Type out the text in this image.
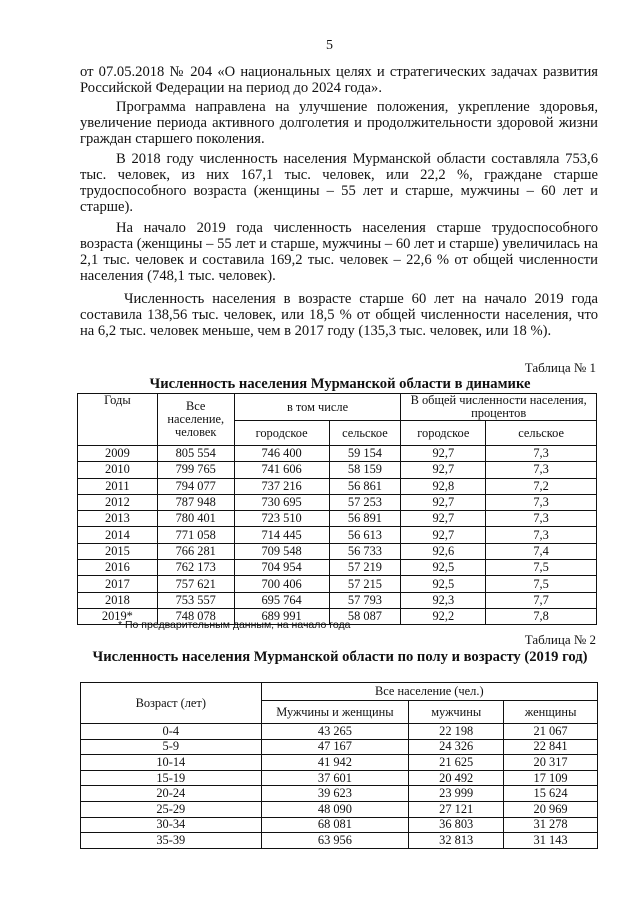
5

от 07.05.2018 № 204 «О национальных целях и стратегических задачах развития Российской Федерации на период до 2024 года».

Программа направлена на улучшение положения, укрепление здоровья, увеличение периода активного долголетия и продолжительности здоровой жизни граждан старшего поколения.

В 2018 году численность населения Мурманской области составляла 753,6 тыс. человек, из них 167,1 тыс. человек, или 22,2 %, граждане старше трудоспособного возраста (женщины – 55 лет и старше, мужчины – 60 лет и старше).

На начало 2019 года численность населения старше трудоспособного возраста (женщины – 55 лет и старше, мужчины – 60 лет и старше) увеличилась на 2,1 тыс. человек и составила 169,2 тыс. человек – 22,6 % от общей численности населения (748,1 тыс. человек).

Численность населения в возрасте старше 60 лет на начало 2019 года составила 138,56 тыс. человек, или 18,5 % от общей численности населения, что на 6,2 тыс. человек меньше, чем в 2017 году (135,3 тыс. человек, или 18 %).

Таблица № 1
Численность населения Мурманской области в динамике
Годы	Все население, человек	в том числе		В общей численности населения, процентов	
		городское	сельское	городское	сельское
2009	805 554	746 400	59 154	92,7	7,3
2010	799 765	741 606	58 159	92,7	7,3
2011	794 077	737 216	56 861	92,8	7,2
2012	787 948	730 695	57 253	92,7	7,3
2013	780 401	723 510	56 891	92,7	7,3
2014	771 058	714 445	56 613	92,7	7,3
2015	766 281	709 548	56 733	92,6	7,4
2016	762 173	704 954	57 219	92,5	7,5
2017	757 621	700 406	57 215	92,5	7,5
2018	753 557	695 764	57 793	92,3	7,7
2019*	748 078	689 991	58 087	92,2	7,8
* По предварительным данным, на начало года
Таблица № 2
Численность населения Мурманской области по полу и возрасту (2019 год)
Возраст (лет)	Все население (чел.)		
	Мужчины и женщины	мужчины	женщины
0-4	43 265	22 198	21 067
5-9	47 167	24 326	22 841
10-14	41 942	21 625	20 317
15-19	37 601	20 492	17 109
20-24	39 623	23 999	15 624
25-29	48 090	27 121	20 969
30-34	68 081	36 803	31 278
35-39	63 956	32 813	31 143
